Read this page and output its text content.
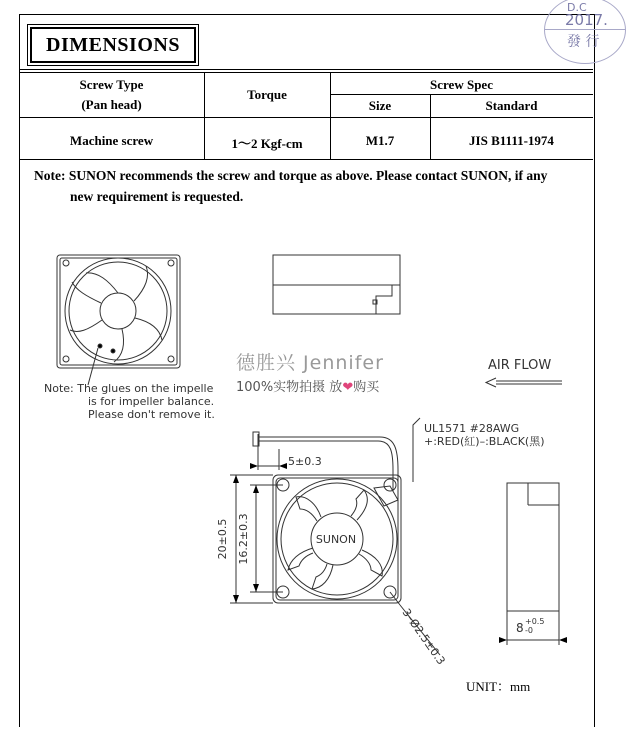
D.C
2017.
發 行
DIMENSIONS
Screw Type
(Pan head)
Torque
Screw Spec
Size	Standard
Machine screw	1～2 Kgf-cm	M1.7	JIS B1111-1974
Note: SUNON recommends the screw and torque as above. Please contact SUNON, if any
new requirement is requested.
Note: The glues on the impelle
is for impeller balance.
Please don't remove it.
AIR FLOW
UL1571 #28AWG
+:RED(紅)–:BLACK(黑)
5±0.3
SUNON
20±0.5 16.2±0.3
3–Ø2.5±0.3	8 +0.5
-0
德胜兴 Jennifer
100%实物拍摄 放❤购买
UNIT：mm
